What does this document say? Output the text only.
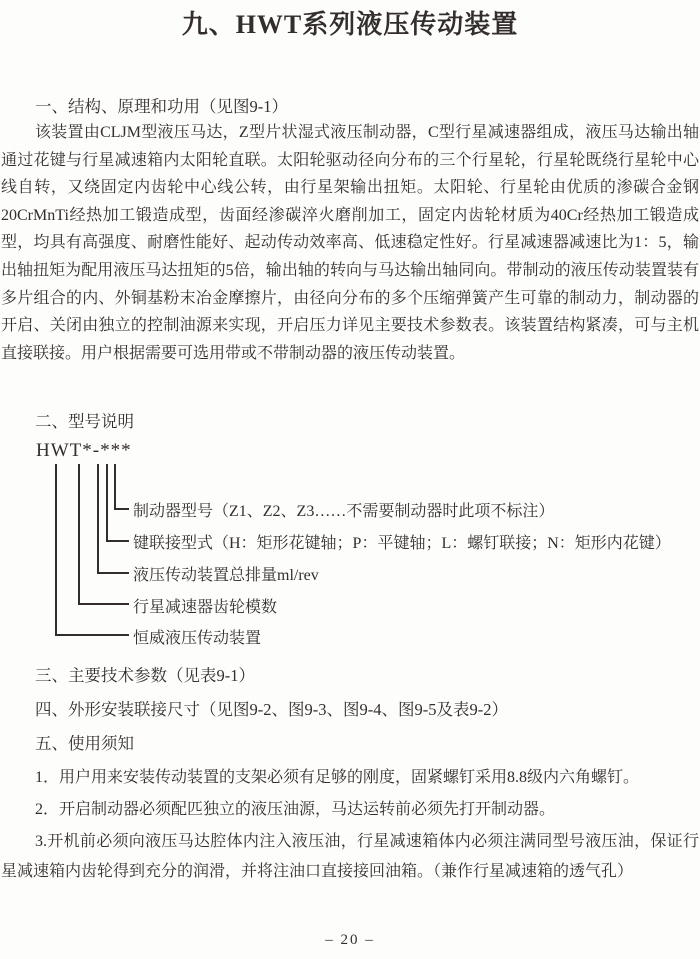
九、HWT系列液压传动装置
一、结构、原理和功用（见图9-1）
该装置由CLJM型液压马达，Z型片状湿式液压制动器，C型行星减速器组成，液压马达输出轴通过花键与行星减速箱内太阳轮直联。太阳轮驱动径向分布的三个行星轮，行星轮既绕行星轮中心线自转，又绕固定内齿轮中心线公转，由行星架输出扭矩。太阳轮、行星轮由优质的渗碳合金钢20CrMnTi经热加工锻造成型，齿面经渗碳淬火磨削加工，固定内齿轮材质为40Cr经热加工锻造成型，均具有高强度、耐磨性能好、起动传动效率高、低速稳定性好。行星减速器减速比为1：5，输出轴扭矩为配用液压马达扭矩的5倍，输出轴的转向与马达输出轴同向。带制动的液压传动装置装有多片组合的内、外铜基粉末冶金摩擦片，由径向分布的多个压缩弹簧产生可靠的制动力，制动器的开启、关闭由独立的控制油源来实现，开启压力详见主要技术参数表。该装置结构紧凑，可与主机直接联接。用户根据需要可选用带或不带制动器的液压传动装置。
二、型号说明
HWT*-***
制动器型号（Z1、Z2、Z3……不需要制动器时此项不标注）
键联接型式（H：矩形花键轴；P：平键轴；L：螺钉联接；N：矩形内花键）
液压传动装置总排量ml/rev
行星减速器齿轮模数
恒威液压传动装置
三、主要技术参数（见表9-1）
四、外形安装联接尺寸（见图9-2、图9-3、图9-4、图9-5及表9-2）
五、使用须知
1．用户用来安装传动装置的支架必须有足够的刚度，固紧螺钉采用8.8级内六角螺钉。
2．开启制动器必须配匹独立的液压油源，马达运转前必须先打开制动器。
3.开机前必须向液压马达腔体内注入液压油，行星减速箱体内必须注满同型号液压油，保证行星减速箱内齿轮得到充分的润滑，并将注油口直接接回油箱。（兼作行星减速箱的透气孔）
– 20 –
